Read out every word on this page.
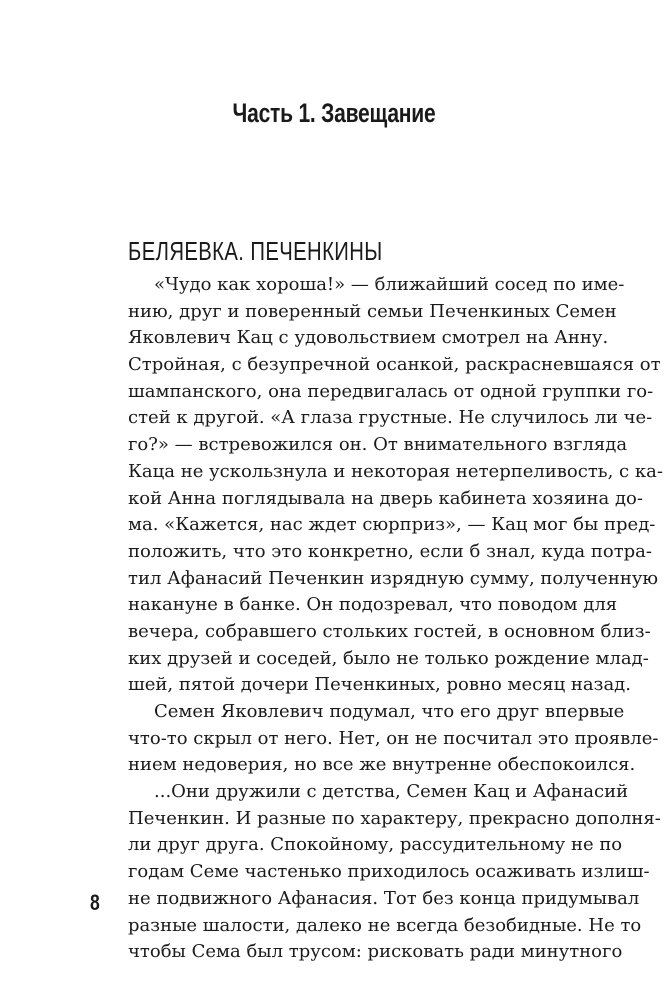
Часть 1. Завещание
БЕЛЯЕВКА. ПЕЧЕНКИНЫ
«Чудо как хороша!» — ближайший сосед по име-
нию, друг и поверенный семьи Печенкиных Семен
Яковлевич Кац с удовольствием смотрел на Анну.
Стройная, с безупречной осанкой, раскрасневшаяся от
шампанского, она передвигалась от одной группки го-
стей к другой. «А глаза грустные. Не случилось ли че-
го?» — встревожился он. От внимательного взгляда
Каца не ускользнула и некоторая нетерпеливость, с ка-
кой Анна поглядывала на дверь кабинета хозяина до-
ма. «Кажется, нас ждет сюрприз», — Кац мог бы пред-
положить, что это конкретно, если б знал, куда потра-
тил Афанасий Печенкин изрядную сумму, полученную
накануне в банке. Он подозревал, что поводом для
вечера, собравшего стольких гостей, в основном близ-
ких друзей и соседей, было не только рождение млад-
шей, пятой дочери Печенкиных, ровно месяц назад.
Семен Яковлевич подумал, что его друг впервые
что-то скрыл от него. Нет, он не посчитал это проявле-
нием недоверия, но все же внутренне обеспокоился.
...Они дружили с детства, Семен Кац и Афанасий
Печенкин. И разные по характеру, прекрасно дополня-
ли друг друга. Спокойному, рассудительному не по
годам Семе частенько приходилось осаживать излиш-
не подвижного Афанасия. Тот без конца придумывал
разные шалости, далеко не всегда безобидные. Не то
чтобы Сема был трусом: рисковать ради минутного
8
